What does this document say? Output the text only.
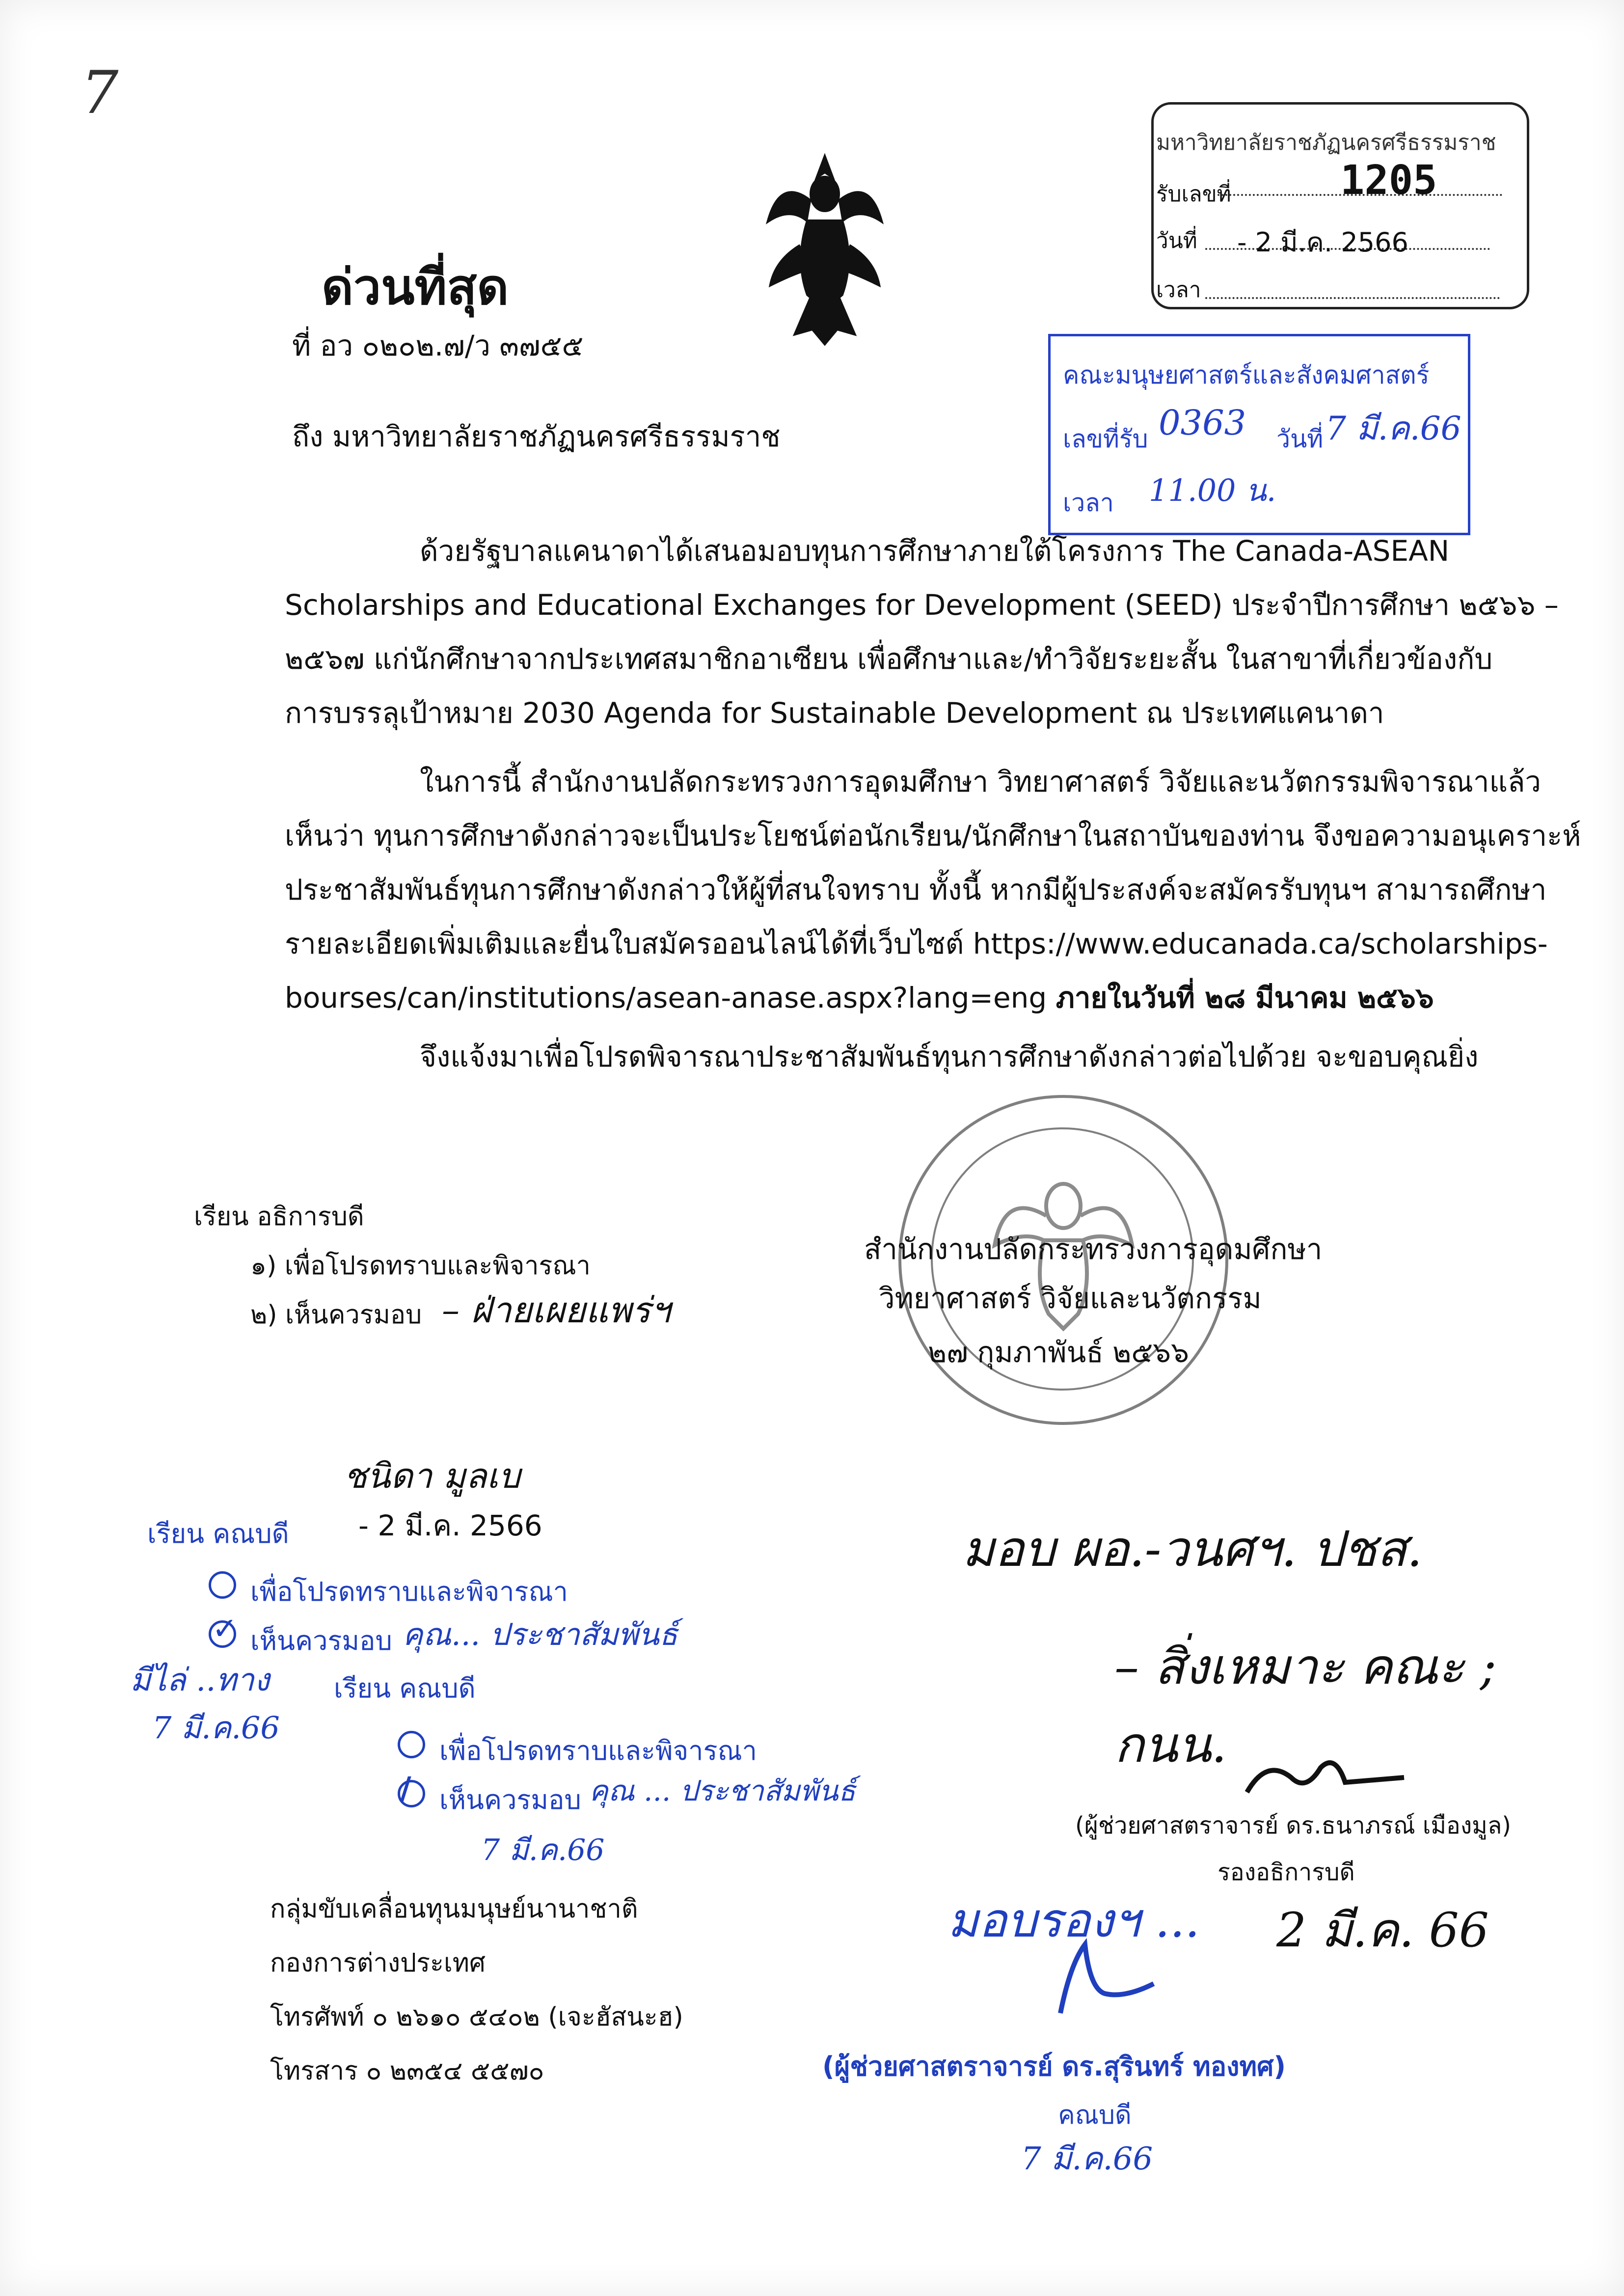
7
ด่วนที่สุด
ที่ อว ๐๒๐๒.๗/ว ๓๗๕๕
ถึง มหาวิทยาลัยราชภัฏนครศรีธรรมราช
มหาวิทยาลัยราชภัฏนครศรีธรรมราช
รับเลขที่	1205
วันที่ - 2 มี.ค. 2566
เวลา
คณะมนุษยศาสตร์และสังคมศาสตร์
เลขที่รับ 0363 วันที่ 7 มี.ค.66
เวลา 11.00 น.
ด้วยรัฐบาลแคนาดาได้เสนอมอบทุนการศึกษาภายใต้โครงการ The Canada-ASEAN
Scholarships and Educational Exchanges for Development (SEED) ประจำปีการศึกษา ๒๕๖๖ –
๒๕๖๗ แก่นักศึกษาจากประเทศสมาชิกอาเซียน เพื่อศึกษาและ/ทำวิจัยระยะสั้น ในสาขาที่เกี่ยวข้องกับ
การบรรลุเป้าหมาย 2030 Agenda for Sustainable Development ณ ประเทศแคนาดา
ในการนี้ สำนักงานปลัดกระทรวงการอุดมศึกษา วิทยาศาสตร์ วิจัยและนวัตกรรมพิจารณาแล้ว
เห็นว่า ทุนการศึกษาดังกล่าวจะเป็นประโยชน์ต่อนักเรียน/นักศึกษาในสถาบันของท่าน จึงขอความอนุเคราะห์
ประชาสัมพันธ์ทุนการศึกษาดังกล่าวให้ผู้ที่สนใจทราบ ทั้งนี้ หากมีผู้ประสงค์จะสมัครรับทุนฯ สามารถศึกษา
รายละเอียดเพิ่มเติมและยื่นใบสมัครออนไลน์ได้ที่เว็บไซต์ https://www.educanada.ca/scholarships-
bourses/can/institutions/asean-anase.aspx?lang=eng ภายในวันที่ ๒๘ มีนาคม ๒๕๖๖
จึงแจ้งมาเพื่อโปรดพิจารณาประชาสัมพันธ์ทุนการศึกษาดังกล่าวต่อไปด้วย จะขอบคุณยิ่ง
สำนักงานปลัดกระทรวงการอุดมศึกษา
วิทยาศาสตร์ วิจัยและนวัตกรรม
๒๗ กุมภาพันธ์ ๒๕๖๖
เรียน อธิการบดี
๑) เพื่อโปรดทราบและพิจารณา
๒) เห็นควรมอบ – ฝ่ายเผยแพร่ฯ
ชนิดา มูลเบ
- 2 มี.ค. 2566
เรียน คณบดี
เพื่อโปรดทราบและพิจารณา
✓ เห็นควรมอบ คุณ... ประชาสัมพันธ์
มีไล่ ..ทาง
7 มี.ค.66
เรียน คณบดี
เพื่อโปรดทราบและพิจารณา
/ เห็นควรมอบ คุณ ... ประชาสัมพันธ์
7 มี.ค.66
มอบ ผอ.-วนศฯ. ปชส.
– สิ่งเหมาะ คณะ ; กนน.
(ผู้ช่วยศาสตราจารย์ ดร.ธนาภรณ์ เมืองมูล)
รองอธิการบดี
มอบรองฯ ... 2 มี.ค. 66
(ผู้ช่วยศาสตราจารย์ ดร.สุรินทร์ ทองทศ)
คณบดี
7 มี.ค.66
กลุ่มขับเคลื่อนทุนมนุษย์นานาชาติ
กองการต่างประเทศ
โทรศัพท์ ๐ ๒๖๑๐ ๕๔๐๒ (เจะฮัสนะฮ)
โทรสาร ๐ ๒๓๕๔ ๕๕๗๐
